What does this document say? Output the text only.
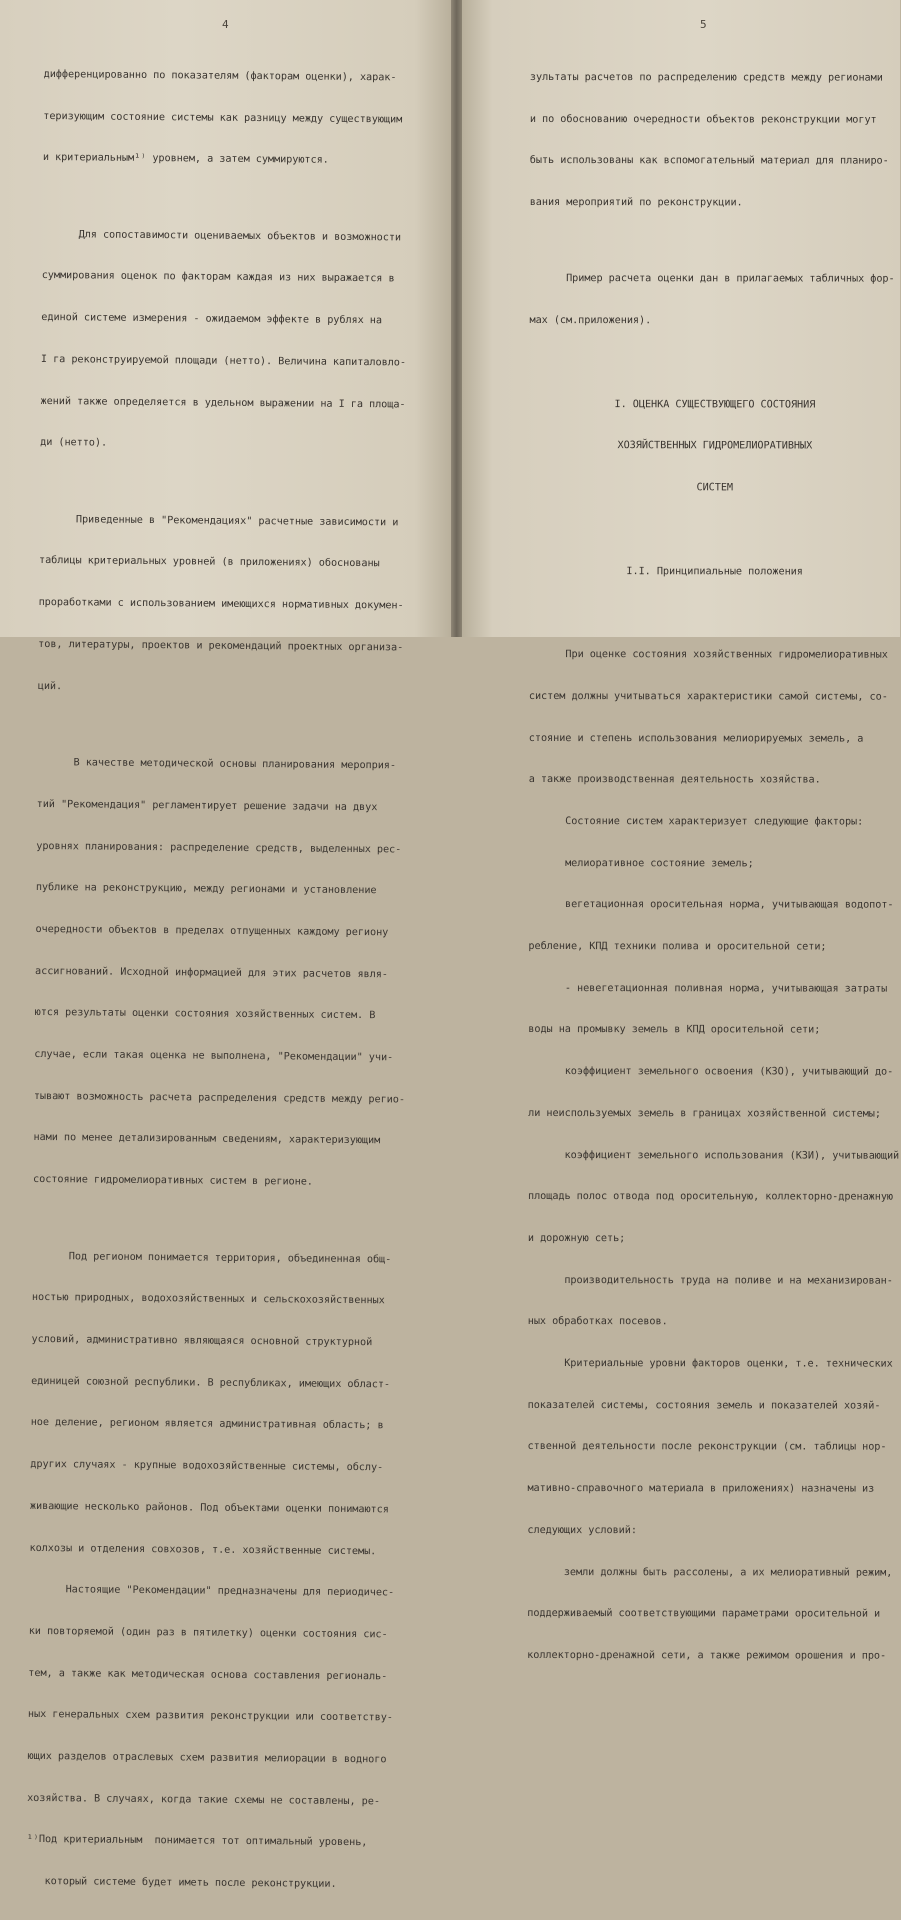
4

дифференцированно по показателям (факторам оценки), харак-

теризующим состояние системы как разницу между существующим

и критериальным¹⁾ уровнем, а затем суммируются.

Для сопоставимости оцениваемых объектов и возможности

суммирования оценок по факторам каждая из них выражается в

единой системе измерения - ожидаемом эффекте в рублях на

I га реконструируемой площади (нетто). Величина капиталовло-

жений также определяется в удельном выражении на I га площа-

ди (нетто).

Приведенные в "Рекомендациях" расчетные зависимости и

таблицы критериальных уровней (в приложениях) обоснованы

проработками с использованием имеющихся нормативных докумен-

тов, литературы, проектов и рекомендаций проектных организа-

ций.

В качестве методической основы планирования мероприя-

тий "Рекомендация" регламентирует решение задачи на двух

уровнях планирования: распределение средств, выделенных рес-

публике на реконструкцию, между регионами и установление

очередности объектов в пределах отпущенных каждому региону

ассигнований. Исходной информацией для этих расчетов явля-

ются результаты оценки состояния хозяйственных систем. В

случае, если такая оценка не выполнена, "Рекомендации" учи-

тывают возможность расчета распределения средств между регио-

нами по менее детализированным сведениям, характеризующим

состояние гидромелиоративных систем в регионе.

Под регионом понимается территория, объединенная общ-

ностью природных, водохозяйственных и сельскохозяйственных

условий, административно являющаяся основной структурной

единицей союзной республики. В республиках, имеющих област-

ное деление, регионом является административная область; в

других случаях - крупные водохозяйственные системы, обслу-

живающие несколько районов. Под объектами оценки понимаются

колхозы и отделения совхозов, т.е. хозяйственные системы.

Настоящие "Рекомендации" предназначены для периодичес-

ки повторяемой (один раз в пятилетку) оценки состояния сис-

тем, а также как методическая основа составления региональ-

ных генеральных схем развития реконструкции или соответству-

ющих разделов отраслевых схем развития мелиорации в водного

хозяйства. В случаях, когда такие схемы не составлены, ре-

¹⁾Под критериальным  понимается тот оптимальный уровень,

который системе будет иметь после реконструкции.

5

зультаты расчетов по распределению средств между регионами

и по обоснованию очередности объектов реконструкции могут

быть использованы как вспомогательный материал для планиро-

вания мероприятий по реконструкции.

Пример расчета оценки дан в прилагаемых табличных фор-

мах (см.приложения).

I. ОЦЕНКА СУЩЕСТВУЮЩЕГО СОСТОЯНИЯ

ХОЗЯЙСТВЕННЫХ ГИДРОМЕЛИОРАТИВНЫХ

СИСТЕМ

I.I. Принципиальные положения

При оценке состояния хозяйственных гидромелиоративных

систем должны учитываться характеристики самой системы, со-

стояние и степень использования мелиорируемых земель, а

а также производственная деятельность хозяйства.

Состояние систем характеризует следующие факторы:

мелиоративное состояние земель;

вегетационная оросительная норма, учитывающая водопот-

ребление, КПД техники полива и оросительной сети;

- невегетационная поливная норма, учитывающая затраты

воды на промывку земель в КПД оросительной сети;

коэффициент земельного освоения (КЗО), учитывающий до-

ли неиспользуемых земель в границах хозяйственной системы;

коэффициент земельного использования (КЗИ), учитывающий

площадь полос отвода под оросительную, коллекторно-дренажную

и дорожную сеть;

производительность труда на поливе и на механизирован-

ных обработках посевов.

Критериальные уровни факторов оценки, т.е. технических

показателей системы, состояния земель и показателей хозяй-

ственной деятельности после реконструкции (см. таблицы нор-

мативно-справочного материала в приложениях) назначены из

следующих условий:

земли должны быть рассолены, а их мелиоративный режим,

поддерживаемый соответствующими параметрами оросительной и

коллекторно-дренажной сети, а также режимом орошения и про-
